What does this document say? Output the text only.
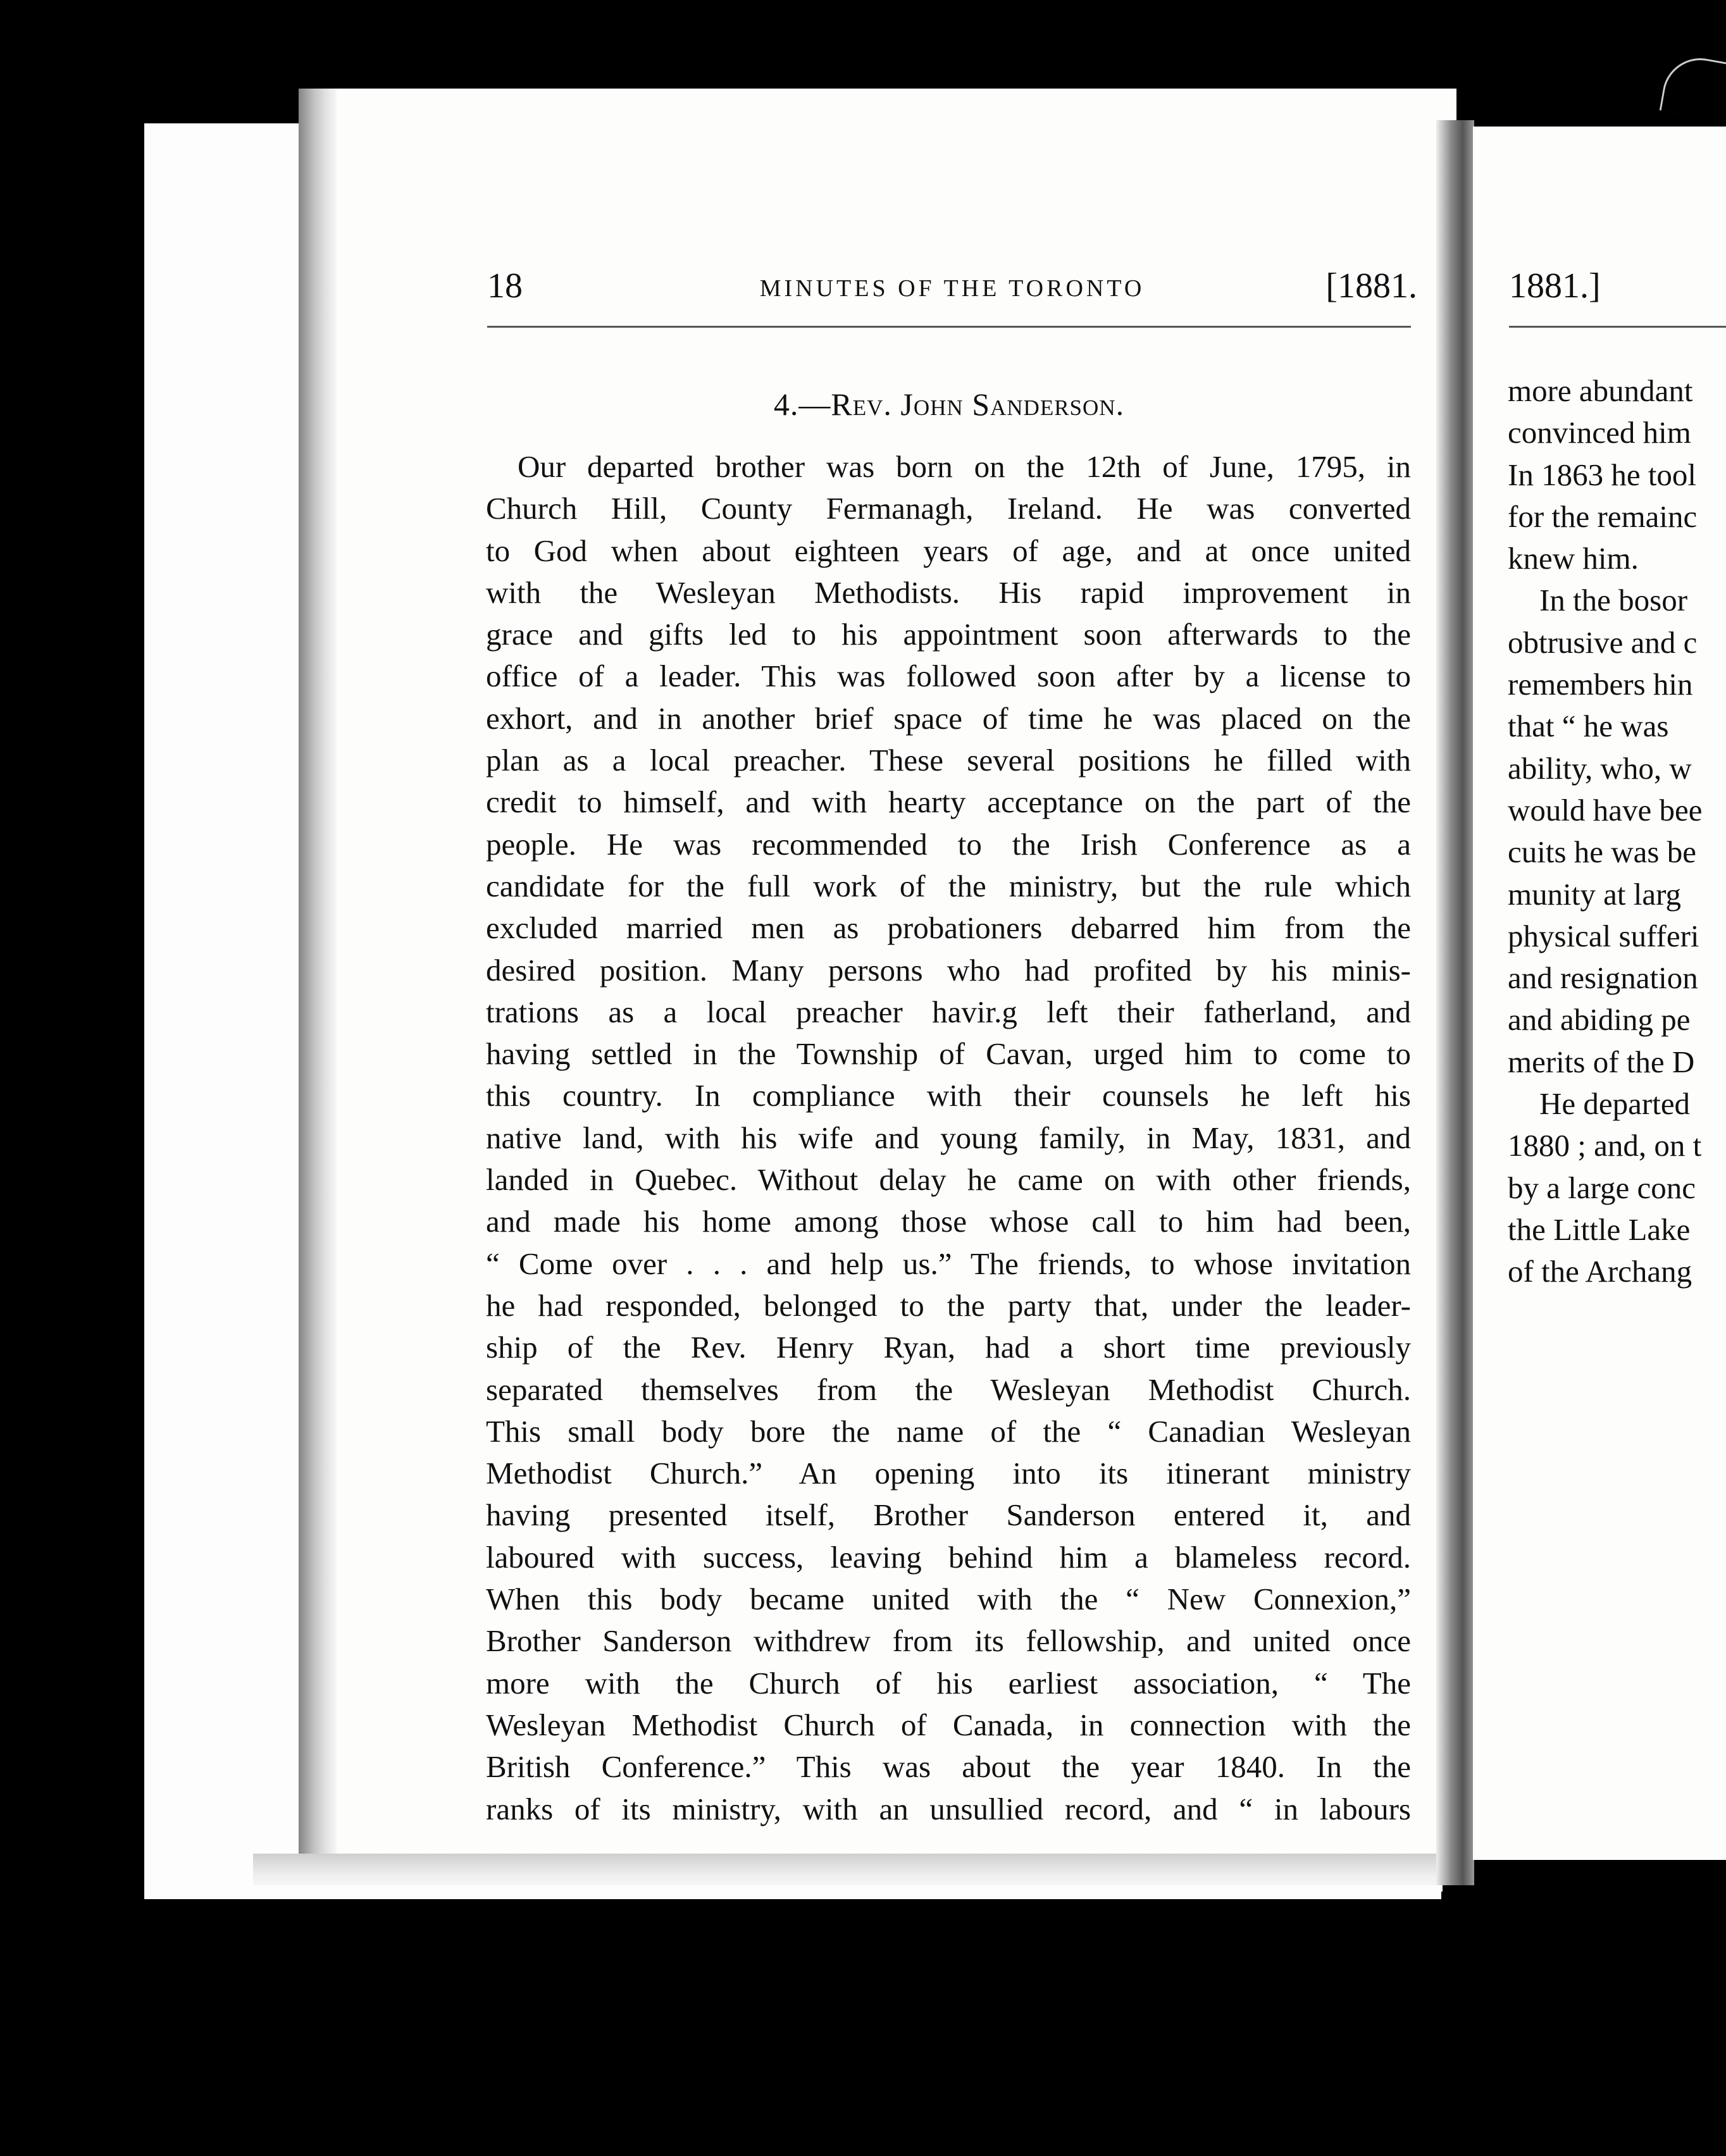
18	MINUTES OF THE TORONTO	[1881.
4.—Rev. John Sanderson.
Our departed brother was born on the 12th of June, 1795, in
Church Hill, County Fermanagh, Ireland. He was converted
to God when about eighteen years of age, and at once united
with the Wesleyan Methodists. His rapid improvement in
grace and gifts led to his appointment soon afterwards to the
office of a leader. This was followed soon after by a license to
exhort, and in another brief space of time he was placed on the
plan as a local preacher. These several positions he filled with
credit to himself, and with hearty acceptance on the part of the
people. He was recommended to the Irish Conference as a
candidate for the full work of the ministry, but the rule which
excluded married men as probationers debarred him from the
desired position. Many persons who had profited by his minis-
trations as a local preacher havir.g left their fatherland, and
having settled in the Township of Cavan, urged him to come to
this country. In compliance with their counsels he left his
native land, with his wife and young family, in May, 1831, and
landed in Quebec. Without delay he came on with other friends,
and made his home among those whose call to him had been,
“ Come over . . . and help us.” The friends, to whose invitation
he had responded, belonged to the party that, under the leader-
ship of the Rev. Henry Ryan, had a short time previously
separated themselves from the Wesleyan Methodist Church.
This small body bore the name of the “ Canadian Wesleyan
Methodist Church.” An opening into its itinerant ministry
having presented itself, Brother Sanderson entered it, and
laboured with success, leaving behind him a blameless record.
When this body became united with the “ New Connexion,”
Brother Sanderson withdrew from its fellowship, and united once
more with the Church of his earliest association, “ The
Wesleyan Methodist Church of Canada, in connection with the
British Conference.” This was about the year 1840. In the
ranks of its ministry, with an unsullied record, and “ in labours
1881.]
more abundant
convinced him
In 1863 he tool
for the remainc
knew him.
In the bosor
obtrusive and c
remembers hin
that “ he was
ability, who, w
would have bee
cuits he was be
munity at larg
physical sufferi
and resignation
and abiding pe
merits of the D
He departed
1880 ; and, on t
by a large conc
the Little Lake
of the Archang
